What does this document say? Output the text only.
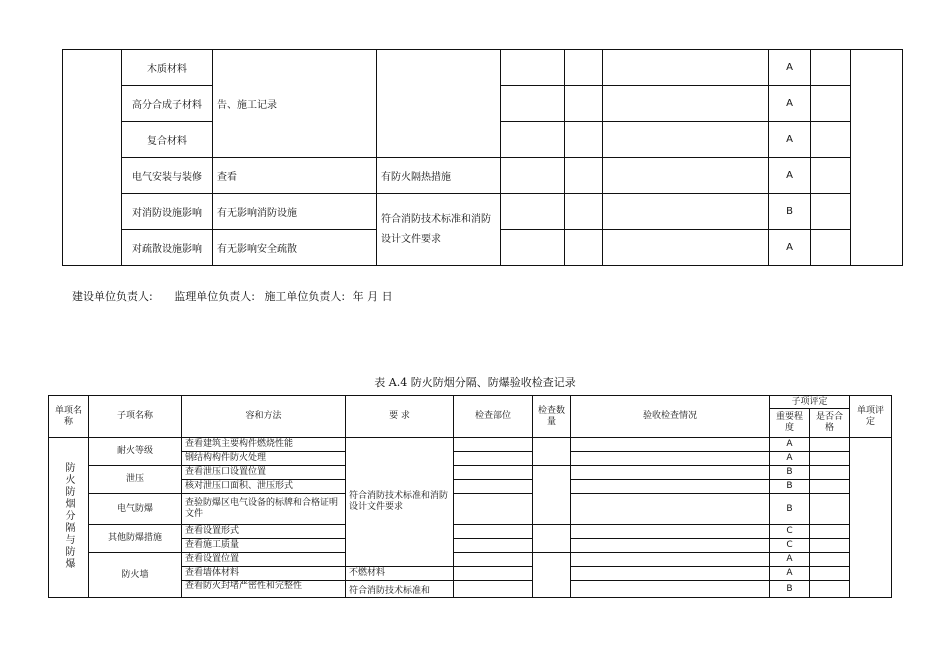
	木质材料	告、施工记录					A		
	高分合成子材料						A		
	复合材料						A		
	电气安装与装修	查看	有防火隔热措施				A		
	对消防设施影响	有无影响消防设施	符合消防技术标准和消防设计文件要求				B		
	对疏散设施影响	有无影响安全疏散					A		
建设单位负责人: 监理单位负责人: 施工单位负责人: 年 月 日
表 A.4 防火防烟分隔、防爆验收检查记录
单项名称	子项名称	容和方法	要 求	检查部位	检查数量	验收检查情况	子项评定		单项评定
							重要程度	是否合格	
防火防烟分隔与防爆	耐火等级	查看建筑主要构件燃烧性能	符合消防技术标准和消防设计文件要求				A		
		钢结构构件防火处理					A		
	泄压	查看泄压口设置位置					B		
		核对泄压口面积、泄压形式					B		
	电气防爆	查验防爆区电气设备的标牌和合格证明文件					B		
	其他防爆措施	查看设置形式					C		
		查看施工质量					C		
	防火墙	查看设置位置					A		
		查看墙体材料	不燃材料				A		
		查看防火封堵严密性和完整性	符合消防技术标准和				B		
